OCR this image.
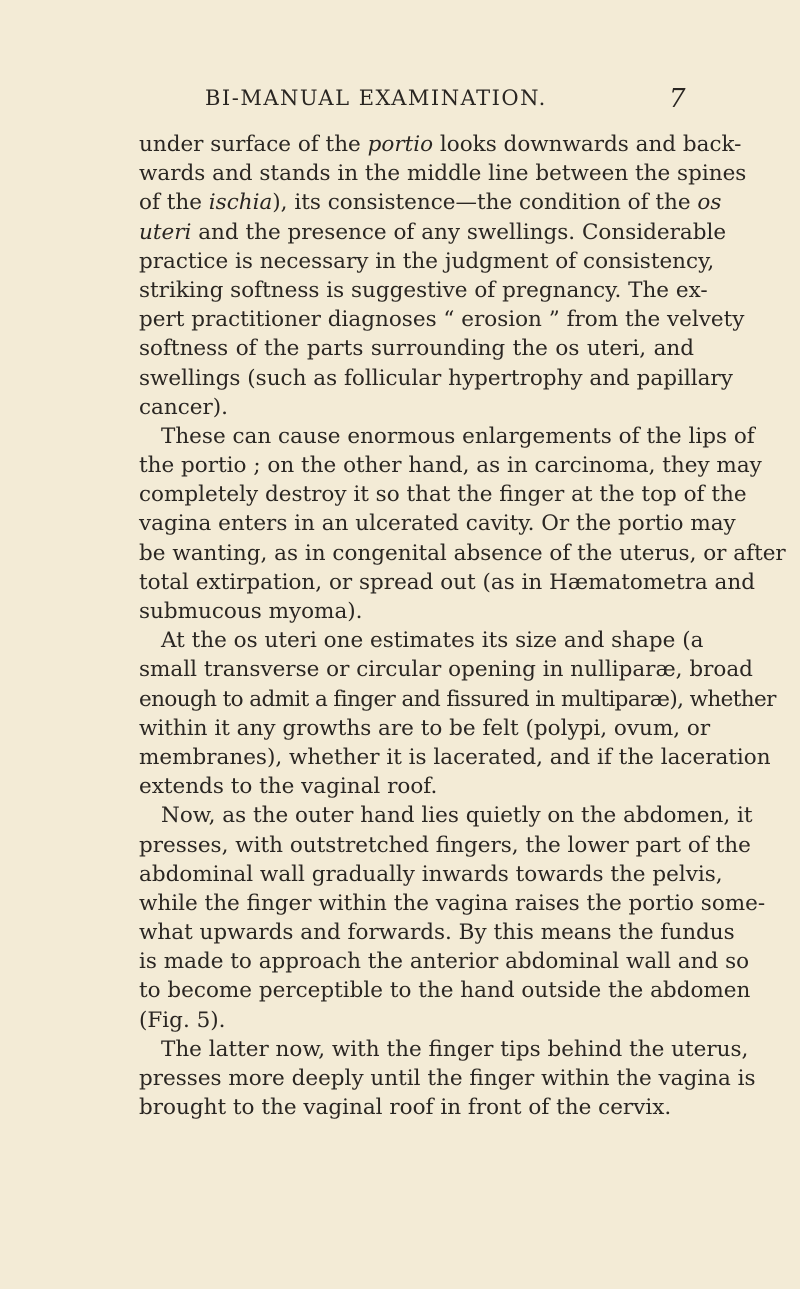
BI-MANUAL EXAMINATION.	7
under surface of the portio looks downwards and back-
wards and stands in the middle line between the spines
of the ischia), its consistence—the condition of the os
uteri and the presence of any swellings. Considerable
practice is necessary in the judgment of consistency,
striking softness is suggestive of pregnancy. The ex-
pert practitioner diagnoses “ erosion ” from the velvety
softness of the parts surrounding the os uteri, and
swellings (such as follicular hypertrophy and papillary
cancer).
These can cause enormous enlargements of the lips of
the portio ; on the other hand, as in carcinoma, they may
completely destroy it so that the finger at the top of the
vagina enters in an ulcerated cavity. Or the portio may
be wanting, as in congenital absence of the uterus, or after
total extirpation, or spread out (as in Hæmatometra and
submucous myoma).
At the os uteri one estimates its size and shape (a
small transverse or circular opening in nulliparæ, broad
enough to admit a finger and fissured in multiparæ), whether
within it any growths are to be felt (polypi, ovum, or
membranes), whether it is lacerated, and if the laceration
extends to the vaginal roof.
Now, as the outer hand lies quietly on the abdomen, it
presses, with outstretched fingers, the lower part of the
abdominal wall gradually inwards towards the pelvis,
while the finger within the vagina raises the portio some-
what upwards and forwards. By this means the fundus
is made to approach the anterior abdominal wall and so
to become perceptible to the hand outside the abdomen
(Fig. 5).
The latter now, with the finger tips behind the uterus,
presses more deeply until the finger within the vagina is
brought to the vaginal roof in front of the cervix.
